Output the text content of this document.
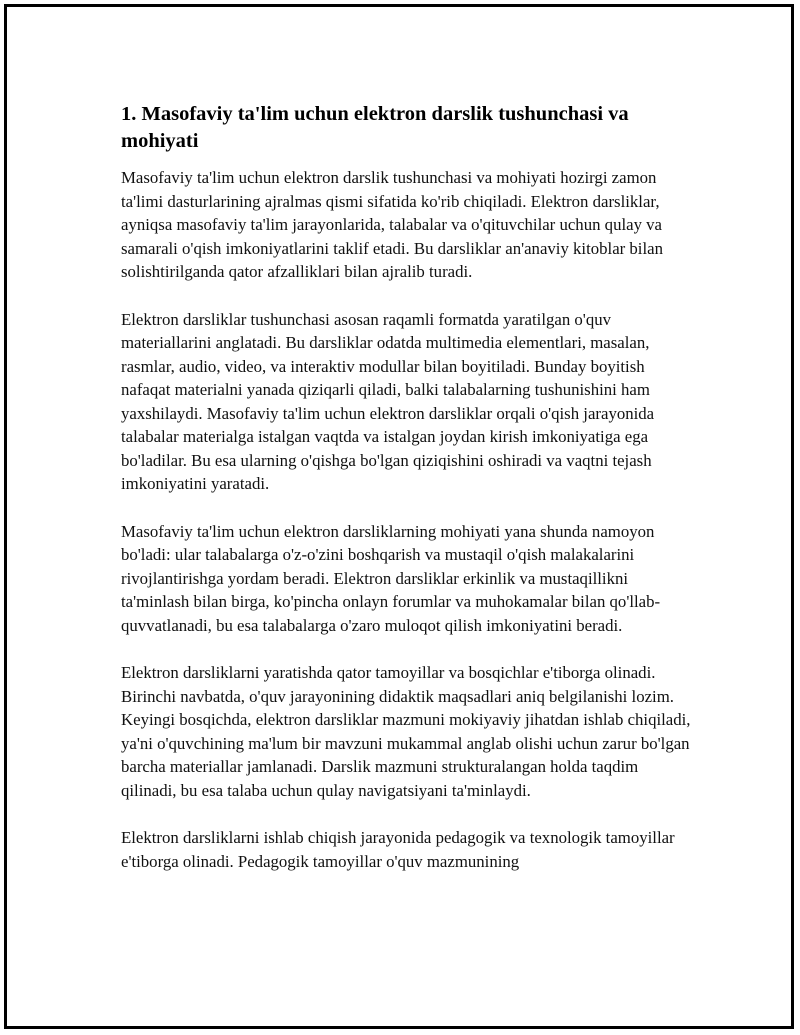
1. Masofaviy ta'lim uchun elektron darslik tushunchasi va mohiyati

Masofaviy ta'lim uchun elektron darslik tushunchasi va mohiyati hozirgi zamon ta'limi dasturlarining ajralmas qismi sifatida ko'rib chiqiladi. Elektron darsliklar, ayniqsa masofaviy ta'lim jarayonlarida, talabalar va o'qituvchilar uchun qulay va samarali o'qish imkoniyatlarini taklif etadi. Bu darsliklar an'anaviy kitoblar bilan solishtirilganda qator afzalliklari bilan ajralib turadi.

Elektron darsliklar tushunchasi asosan raqamli formatda yaratilgan o'quv materiallarini anglatadi. Bu darsliklar odatda multimedia elementlari, masalan, rasmlar, audio, video, va interaktiv modullar bilan boyitiladi. Bunday boyitish nafaqat materialni yanada qiziqarli qiladi, balki talabalarning tushunishini ham yaxshilaydi. Masofaviy ta'lim uchun elektron darsliklar orqali o'qish jarayonida talabalar materialga istalgan vaqtda va istalgan joydan kirish imkoniyatiga ega bo'ladilar. Bu esa ularning o'qishga bo'lgan qiziqishini oshiradi va vaqtni tejash imkoniyatini yaratadi.

Masofaviy ta'lim uchun elektron darsliklarning mohiyati yana shunda namoyon bo'ladi: ular talabalarga o'z-o'zini boshqarish va mustaqil o'qish malakalarini rivojlantirishga yordam beradi. Elektron darsliklar erkinlik va mustaqillikni ta'minlash bilan birga, ko'pincha onlayn forumlar va muhokamalar bilan qo'llab-quvvatlanadi, bu esa talabalarga o'zaro muloqot qilish imkoniyatini beradi.

Elektron darsliklarni yaratishda qator tamoyillar va bosqichlar e'tiborga olinadi. Birinchi navbatda, o'quv jarayonining didaktik maqsadlari aniq belgilanishi lozim. Keyingi bosqichda, elektron darsliklar mazmuni mokiyaviy jihatdan ishlab chiqiladi, ya'ni o'quvchining ma'lum bir mavzuni mukammal anglab olishi uchun zarur bo'lgan barcha materiallar jamlanadi. Darslik mazmuni strukturalangan holda taqdim qilinadi, bu esa talaba uchun qulay navigatsiyani ta'minlaydi.

Elektron darsliklarni ishlab chiqish jarayonida pedagogik va texnologik tamoyillar e'tiborga olinadi. Pedagogik tamoyillar o'quv mazmunining
